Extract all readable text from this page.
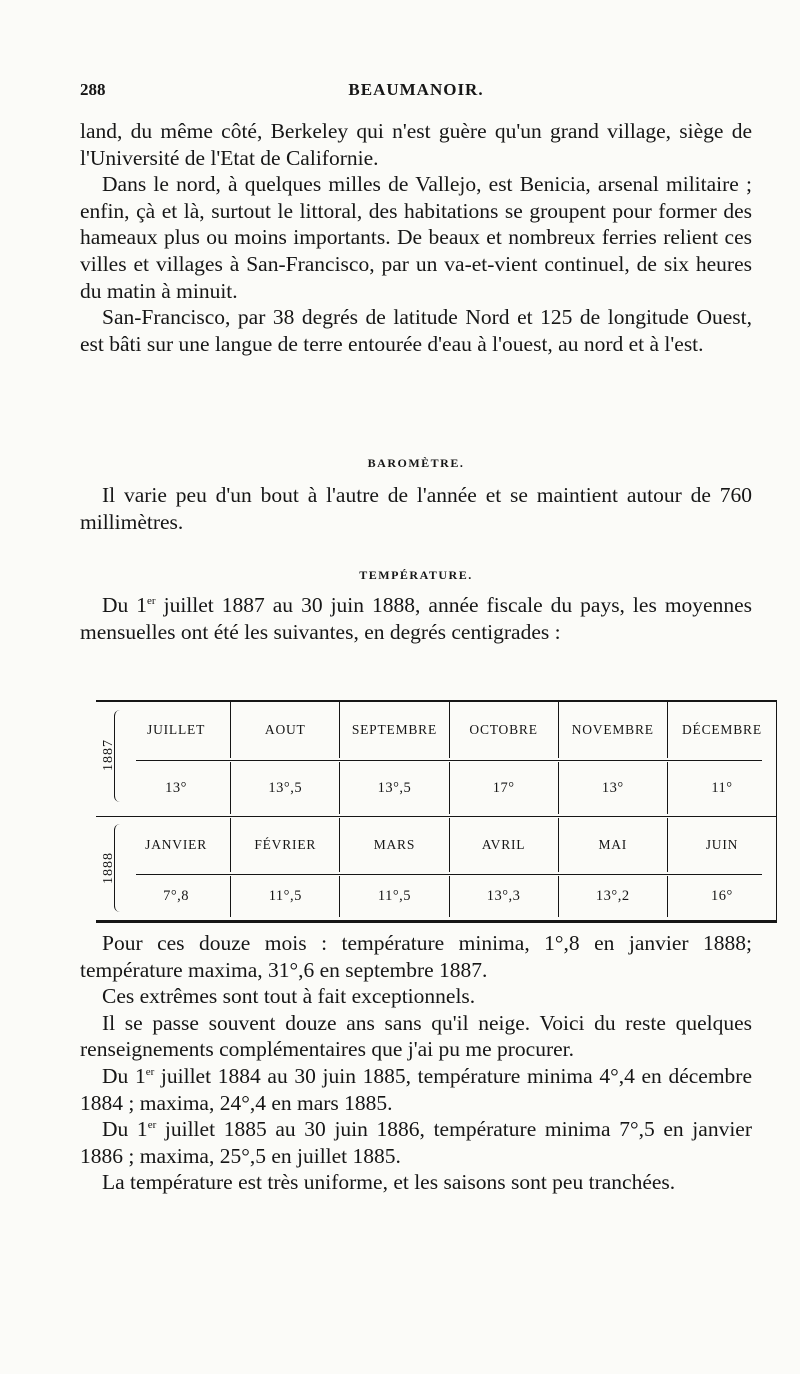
288	BEAUMANOIR.

land, du même côté, Berkeley qui n'est guère qu'un grand village, siège de l'Université de l'Etat de Californie.

Dans le nord, à quelques milles de Vallejo, est Benicia, arsenal militaire ; enfin, çà et là, surtout le littoral, des habitations se groupent pour former des hameaux plus ou moins importants. De beaux et nombreux ferries relient ces villes et villages à San-Francisco, par un va-et-vient continuel, de six heures du matin à minuit.

San-Francisco, par 38 degrés de latitude Nord et 125 de longitude Ouest, est bâti sur une langue de terre entourée d'eau à l'ouest, au nord et à l'est.

BAROMÈTRE.

Il varie peu d'un bout à l'autre de l'année et se maintient autour de 760 millimètres.

TEMPÉRATURE.

Du 1er juillet 1887 au 30 juin 1888, année fiscale du pays, les moyennes mensuelles ont été les suivantes, en degrés centigrades :

1887
JUILLET	AOUT	SEPTEMBRE	OCTOBRE	NOVEMBRE	DÉCEMBRE
13°	13°,5	13°,5	17°	13°	11°
JANVIER	FÉVRIER	MARS	AVRIL	MAI	JUIN
7°,8	11°,5	11°,5	13°,3	13°,2	16°
1888

Pour ces douze mois : température minima, 1°,8 en janvier 1888; température maxima, 31°,6 en septembre 1887.

Ces extrêmes sont tout à fait exceptionnels.

Il se passe souvent douze ans sans qu'il neige. Voici du reste quelques renseignements complémentaires que j'ai pu me procurer.

Du 1er juillet 1884 au 30 juin 1885, température minima 4°,4 en décembre 1884 ; maxima, 24°,4 en mars 1885.

Du 1er juillet 1885 au 30 juin 1886, température minima 7°,5 en janvier 1886 ; maxima, 25°,5 en juillet 1885.

La température est très uniforme, et les saisons sont peu tranchées.
